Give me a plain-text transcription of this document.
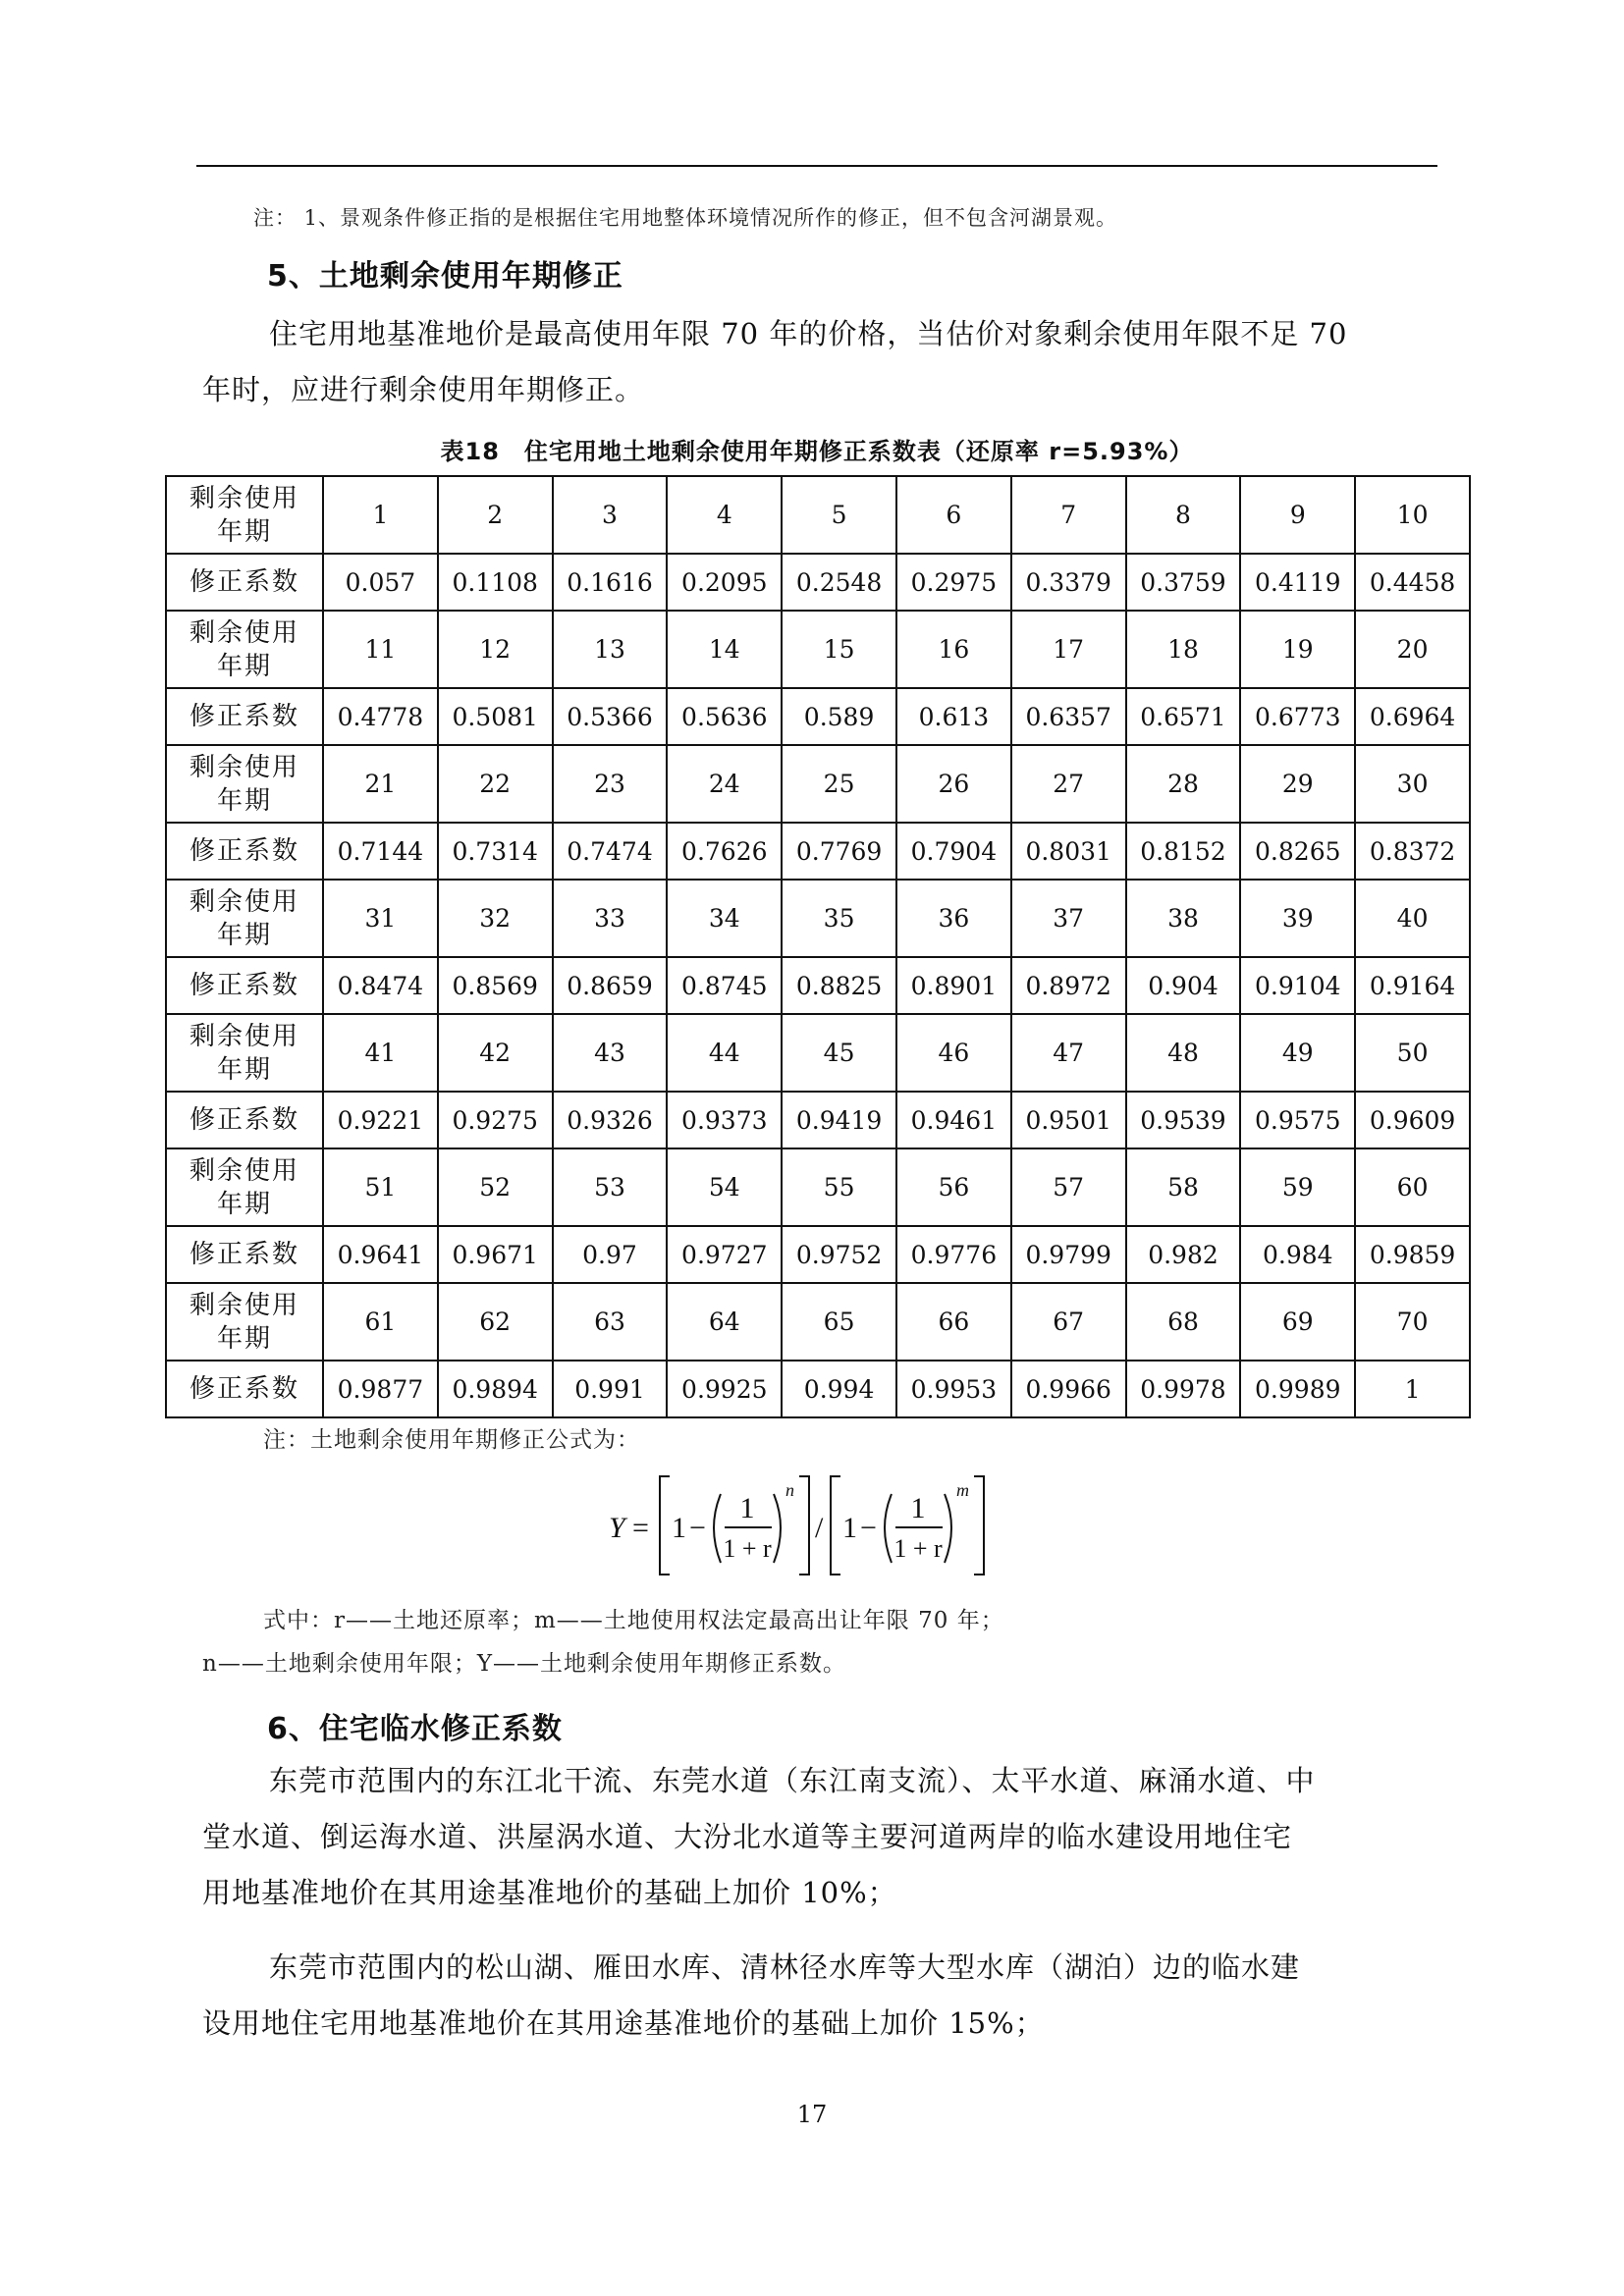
注： 1、景观条件修正指的是根据住宅用地整体环境情况所作的修正，但不包含河湖景观。
5、土地剩余使用年期修正
住宅用地基准地价是最高使用年限 70 年的价格，当估价对象剩余使用年限不足 70
年时，应进行剩余使用年期修正。
表18　住宅用地土地剩余使用年期修正系数表（还原率 r=5.93%）
剩余使用
年期	1	2	3	4	5	6	7	8	9	10
修正系数	0.057	0.1108	0.1616	0.2095	0.2548	0.2975	0.3379	0.3759	0.4119	0.4458

剩余使用
年期	11	12	13	14	15	16	17	18	19	20
修正系数	0.4778	0.5081	0.5366	0.5636	0.589	0.613	0.6357	0.6571	0.6773	0.6964

剩余使用
年期	21	22	23	24	25	26	27	28	29	30
修正系数	0.7144	0.7314	0.7474	0.7626	0.7769	0.7904	0.8031	0.8152	0.8265	0.8372

剩余使用
年期	31	32	33	34	35	36	37	38	39	40
修正系数	0.8474	0.8569	0.8659	0.8745	0.8825	0.8901	0.8972	0.904	0.9104	0.9164

剩余使用
年期	41	42	43	44	45	46	47	48	49	50
修正系数	0.9221	0.9275	0.9326	0.9373	0.9419	0.9461	0.9501	0.9539	0.9575	0.9609

剩余使用
年期	51	52	53	54	55	56	57	58	59	60
修正系数	0.9641	0.9671	0.97	0.9727	0.9752	0.9776	0.9799	0.982	0.984	0.9859

剩余使用
年期	61	62	63	64	65	66	67	68	69	70
修正系数	0.9877	0.9894	0.991	0.9925	0.994	0.9953	0.9966	0.9978	0.9989	1
注：土地剩余使用年期修正公式为：
Y = 1 −
1
1 + r
n
/ 1 −
1
1 + r
m
式中：r——土地还原率；m——土地使用权法定最高出让年限 70 年；
n——土地剩余使用年限；Y——土地剩余使用年期修正系数。
6、住宅临水修正系数
东莞市范围内的东江北干流、东莞水道（东江南支流）、太平水道、麻涌水道、中
堂水道、倒运海水道、洪屋涡水道、大汾北水道等主要河道两岸的临水建设用地住宅
用地基准地价在其用途基准地价的基础上加价 10%；
东莞市范围内的松山湖、雁田水库、清林径水库等大型水库（湖泊）边的临水建
设用地住宅用地基准地价在其用途基准地价的基础上加价 15%；
17
